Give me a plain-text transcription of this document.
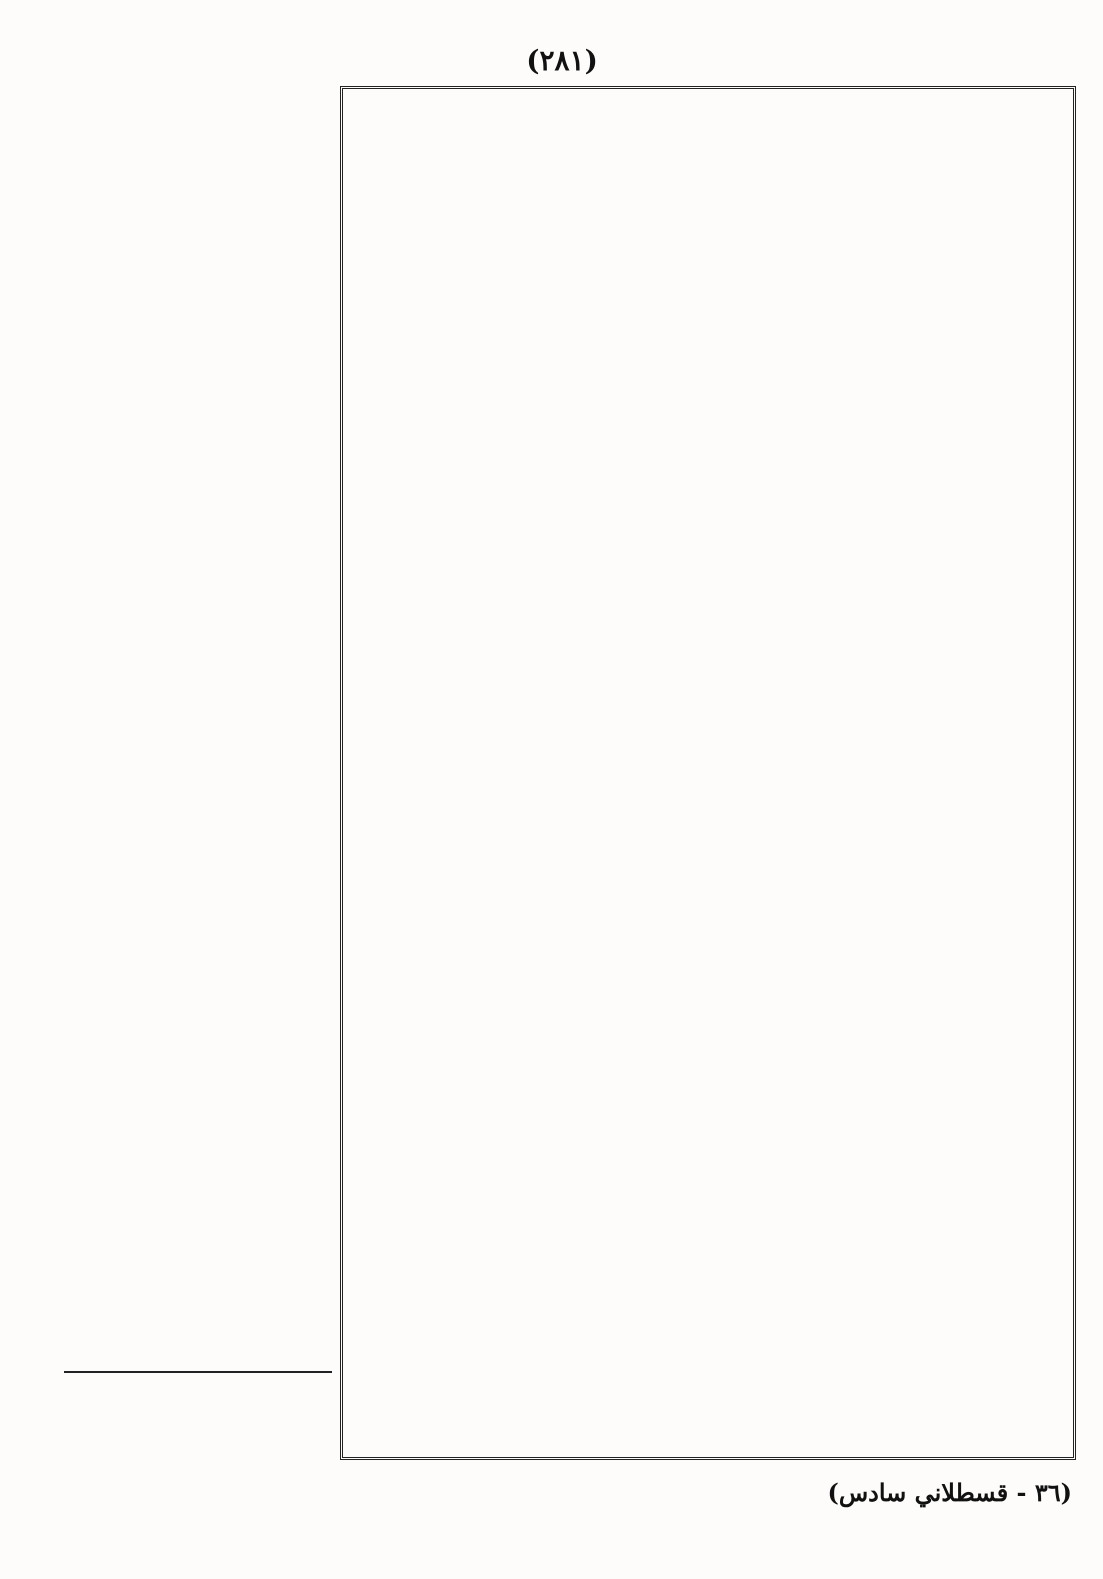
(٢٨١)
(٣٦ - قسطلاني سادس)
